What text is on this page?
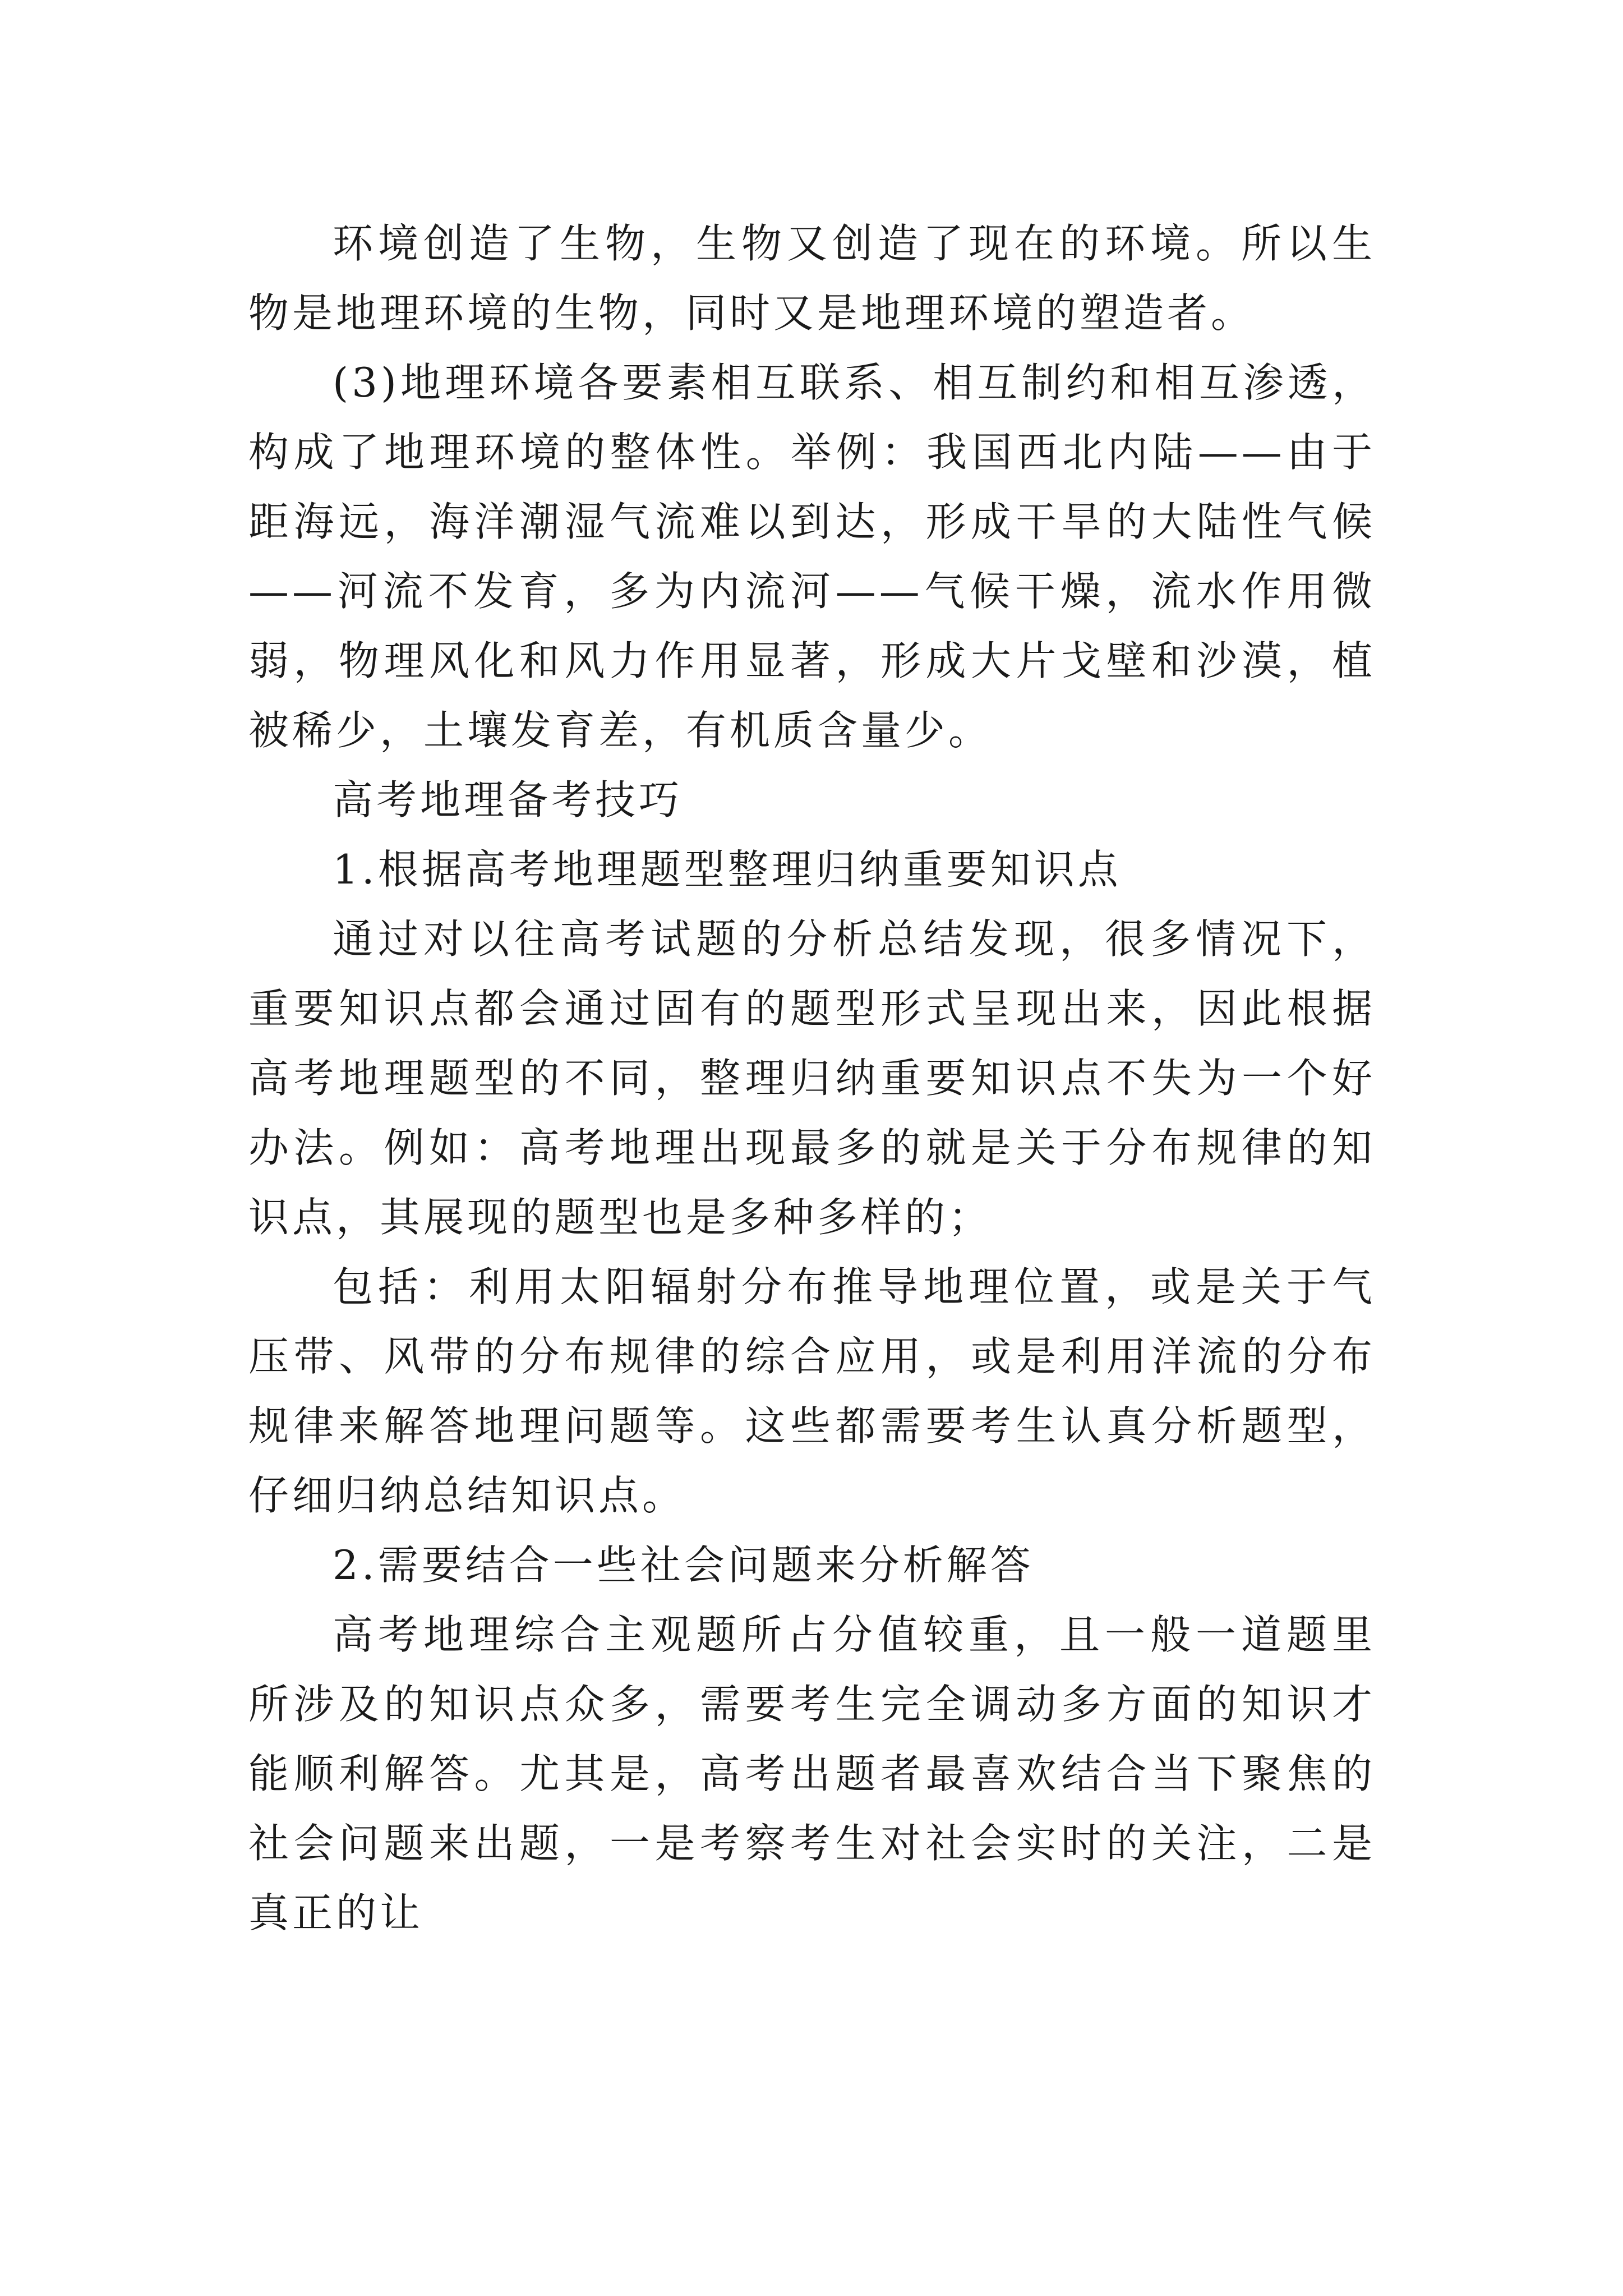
环境创造了生物，生物又创造了现在的环境。所以生物是地理环境的生物，同时又是地理环境的塑造者。

(3)地理环境各要素相互联系、相互制约和相互渗透，构成了地理环境的整体性。举例：我国西北内陆——由于距海远，海洋潮湿气流难以到达，形成干旱的大陆性气候——河流不发育，多为内流河——气候干燥，流水作用微弱，物理风化和风力作用显著，形成大片戈壁和沙漠，植被稀少，土壤发育差，有机质含量少。

高考地理备考技巧

1.根据高考地理题型整理归纳重要知识点

通过对以往高考试题的分析总结发现，很多情况下，重要知识点都会通过固有的题型形式呈现出来，因此根据高考地理题型的不同，整理归纳重要知识点不失为一个好办法。例如：高考地理出现最多的就是关于分布规律的知识点，其展现的题型也是多种多样的；

包括：利用太阳辐射分布推导地理位置，或是关于气压带、风带的分布规律的综合应用，或是利用洋流的分布规律来解答地理问题等。这些都需要考生认真分析题型，仔细归纳总结知识点。

2.需要结合一些社会问题来分析解答

高考地理综合主观题所占分值较重，且一般一道题里所涉及的知识点众多，需要考生完全调动多方面的知识才能顺利解答。尤其是，高考出题者最喜欢结合当下聚焦的社会问题来出题，一是考察考生对社会实时的关注，二是真正的让
